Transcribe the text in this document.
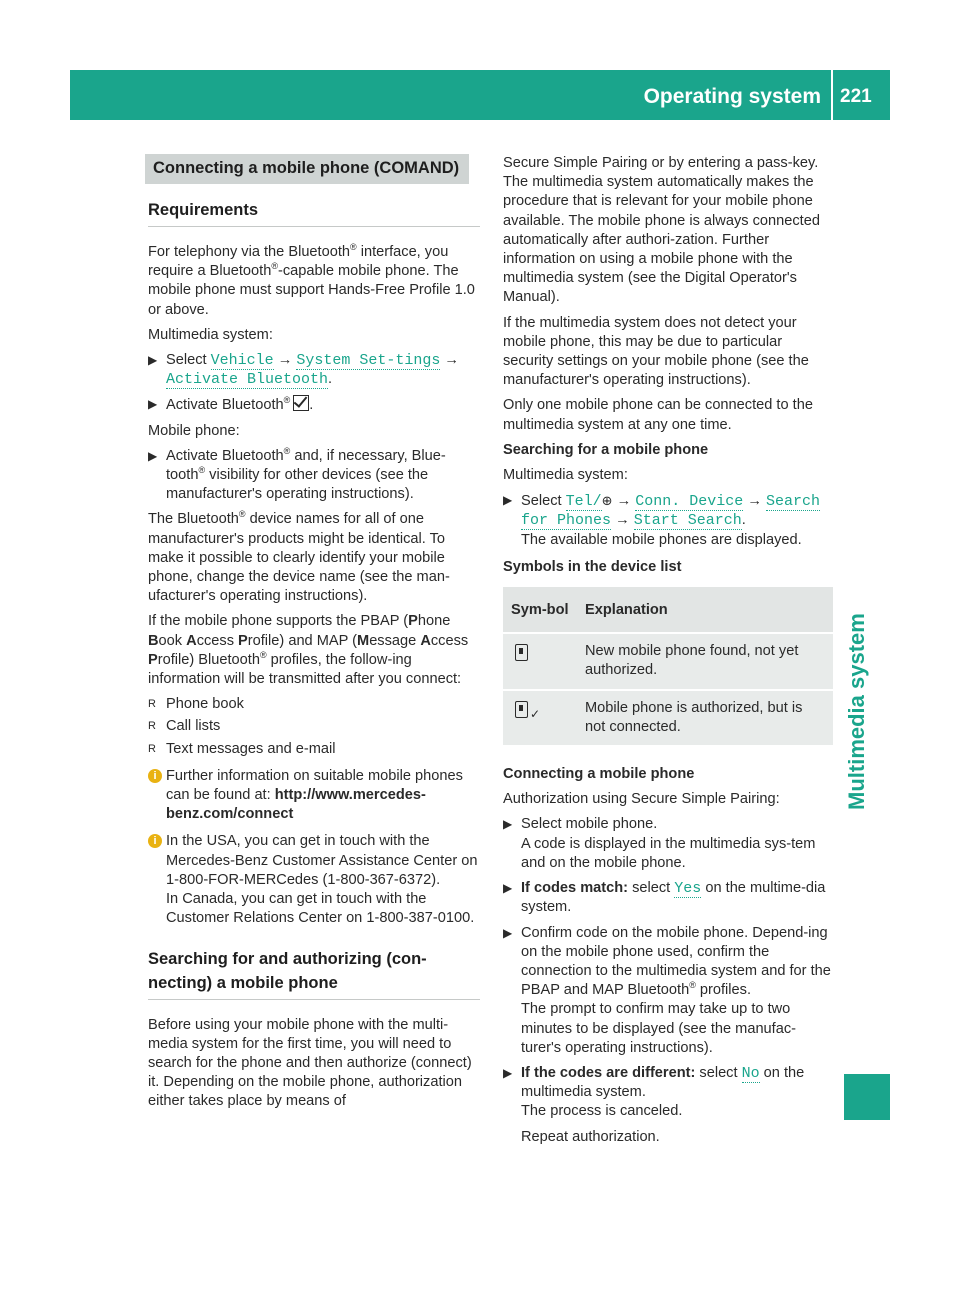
Operating system 221
Multimedia system
Connecting a mobile phone (COMAND)
Requirements

For telephony via the Bluetooth® interface, you require a Bluetooth®-capable mobile phone. The mobile phone must support Hands-Free Profile 1.0 or above.

Multimedia system:

▶ Select Vehicle → System Set‐tings → Activate Bluetooth.
▶ Activate Bluetooth® .

Mobile phone:

▶ Activate Bluetooth® and, if necessary, Blue‐tooth® visibility for other devices (see the manufacturer's operating instructions).

The Bluetooth® device names for all of one manufacturer's products might be identical. To make it possible to clearly identify your mobile phone, change the device name (see the man‐ufacturer's operating instructions).

If the mobile phone supports the PBAP (Phone Book Access Profile) and MAP (Message Access Profile) Bluetooth® profiles, the follow‐ing information will be transmitted after you connect:

R Phone book
R Call lists
R Text messages and e-mail
i Further information on suitable mobile phones can be found at: http://www.mercedes-benz.com/connect
i In the USA, you can get in touch with the Mercedes-Benz Customer Assistance Center on 1-800-FOR-MERCedes (1-800-367-6372).
In Canada, you can get in touch with the Customer Relations Center on 1-800-387-0100.
Searching for and authorizing (con‐necting) a mobile phone

Before using your mobile phone with the multi‐media system for the first time, you will need to search for the phone and then authorize (connect) it. Depending on the mobile phone, authorization either takes place by means of

Secure Simple Pairing or by entering a pass‐key. The multimedia system automatically makes the procedure that is relevant for your mobile phone available. The mobile phone is always connected automatically after authori‐zation. Further information on using a mobile phone with the multimedia system (see the Digital Operator's Manual).

If the multimedia system does not detect your mobile phone, this may be due to particular security settings on your mobile phone (see the manufacturer's operating instructions).

Only one mobile phone can be connected to the multimedia system at any one time.

Searching for a mobile phone

Multimedia system:

▶ Select Tel/⊕ → Conn. Device → Search for Phones → Start Search.
The available mobile phones are displayed.
Symbols in the device list
Sym‐bol	Explanation
	New mobile phone found, not yet authorized.
✓	Mobile phone is authorized, but is not connected.
Connecting a mobile phone

Authorization using Secure Simple Pairing:

▶ Select mobile phone.
A code is displayed in the multimedia sys‐tem and on the mobile phone.
▶ If codes match: select Yes on the multime‐dia system.
▶ Confirm code on the mobile phone. Depend‐ing on the mobile phone used, confirm the connection to the multimedia system and for the PBAP and MAP Bluetooth® profiles.
The prompt to confirm may take up to two minutes to be displayed (see the manufac‐turer's operating instructions).
▶ If the codes are different: select No on the multimedia system.
The process is canceled.
Repeat authorization.
